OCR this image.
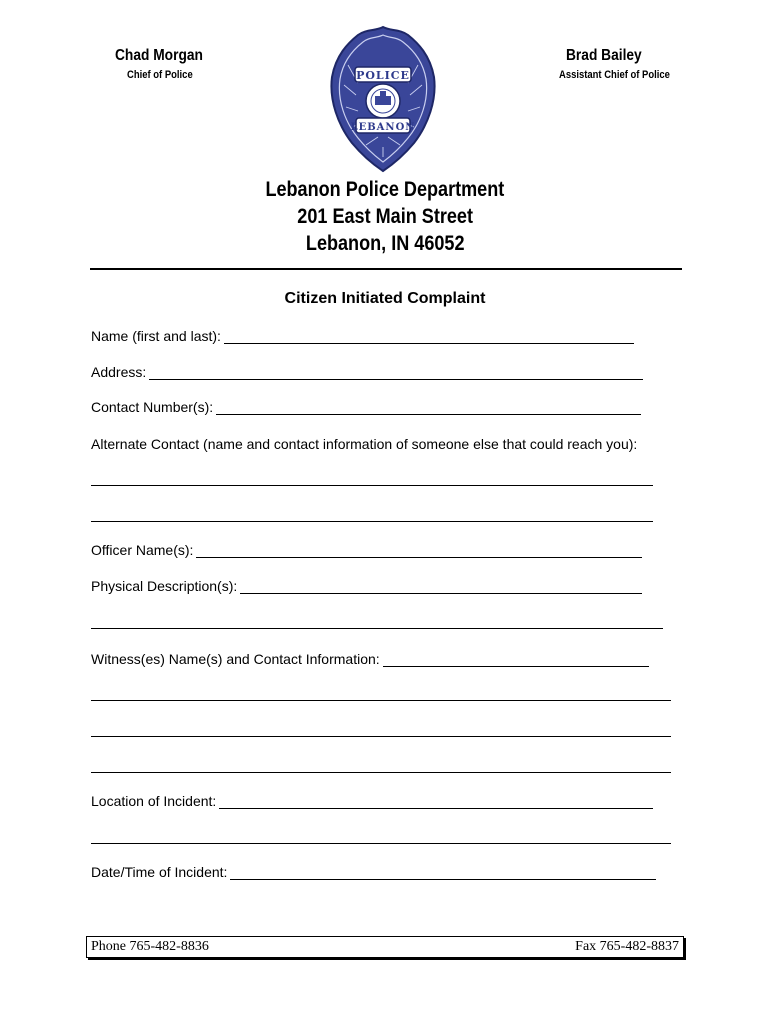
Chad Morgan
Chief of Police
Brad Bailey
Assistant Chief of Police
POLICE
LEBANON
Lebanon Police Department
201 East Main Street
Lebanon, IN 46052
Citizen Initiated Complaint
Name (first and last):
Address:
Contact Number(s):
Alternate Contact (name and contact information of someone else that could reach you):
Officer Name(s):
Physical Description(s):
Witness(es) Name(s) and Contact Information:
Location of Incident:
Date/Time of Incident:
Phone 765-482-8836	Fax 765-482-8837
